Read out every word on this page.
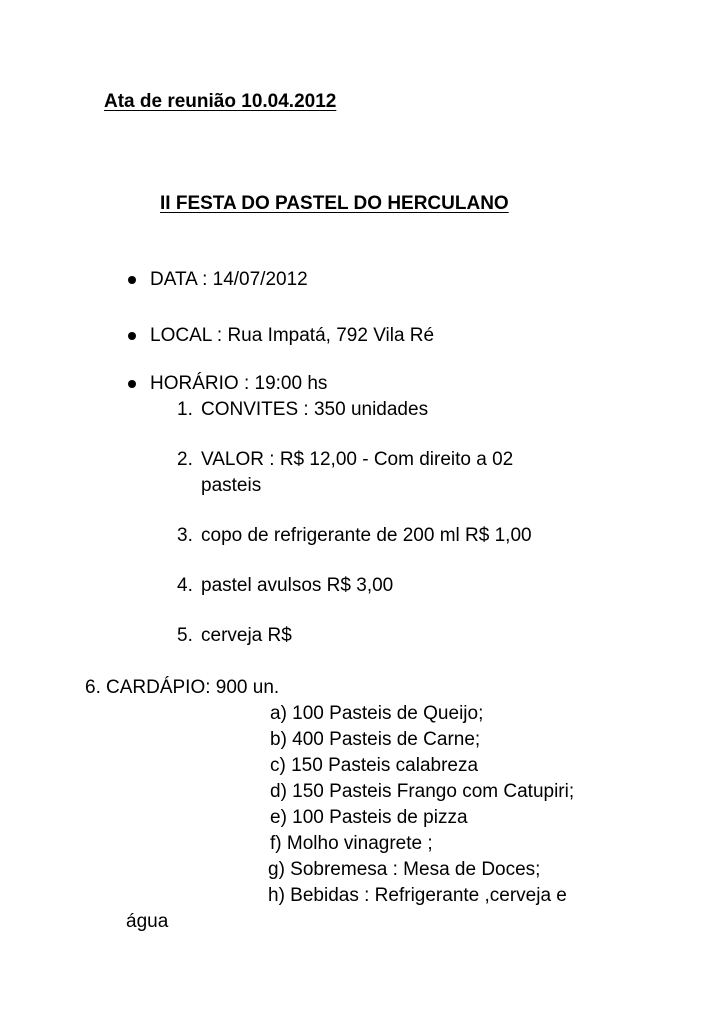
Ata de reunião 10.04.2012
II FESTA DO PASTEL DO HERCULANO
DATA : 14/07/2012
LOCAL : Rua Impatá, 792 Vila Ré
HORÁRIO : 19:00 hs
1. CONVITES : 350 unidades
2. VALOR : R$ 12,00 - Com direito a 02
pasteis
3. copo de refrigerante de 200 ml R$ 1,00
4. pastel avulsos R$ 3,00
5. cerveja R$
6. CARDÁPIO: 900 un.
a) 100 Pasteis de Queijo;
b) 400 Pasteis de Carne;
c) 150 Pasteis calabreza
d) 150 Pasteis Frango com Catupiri;
e) 100 Pasteis de pizza
f) Molho vinagrete ;
g) Sobremesa : Mesa de Doces;
h) Bebidas : Refrigerante ,cerveja e
água
